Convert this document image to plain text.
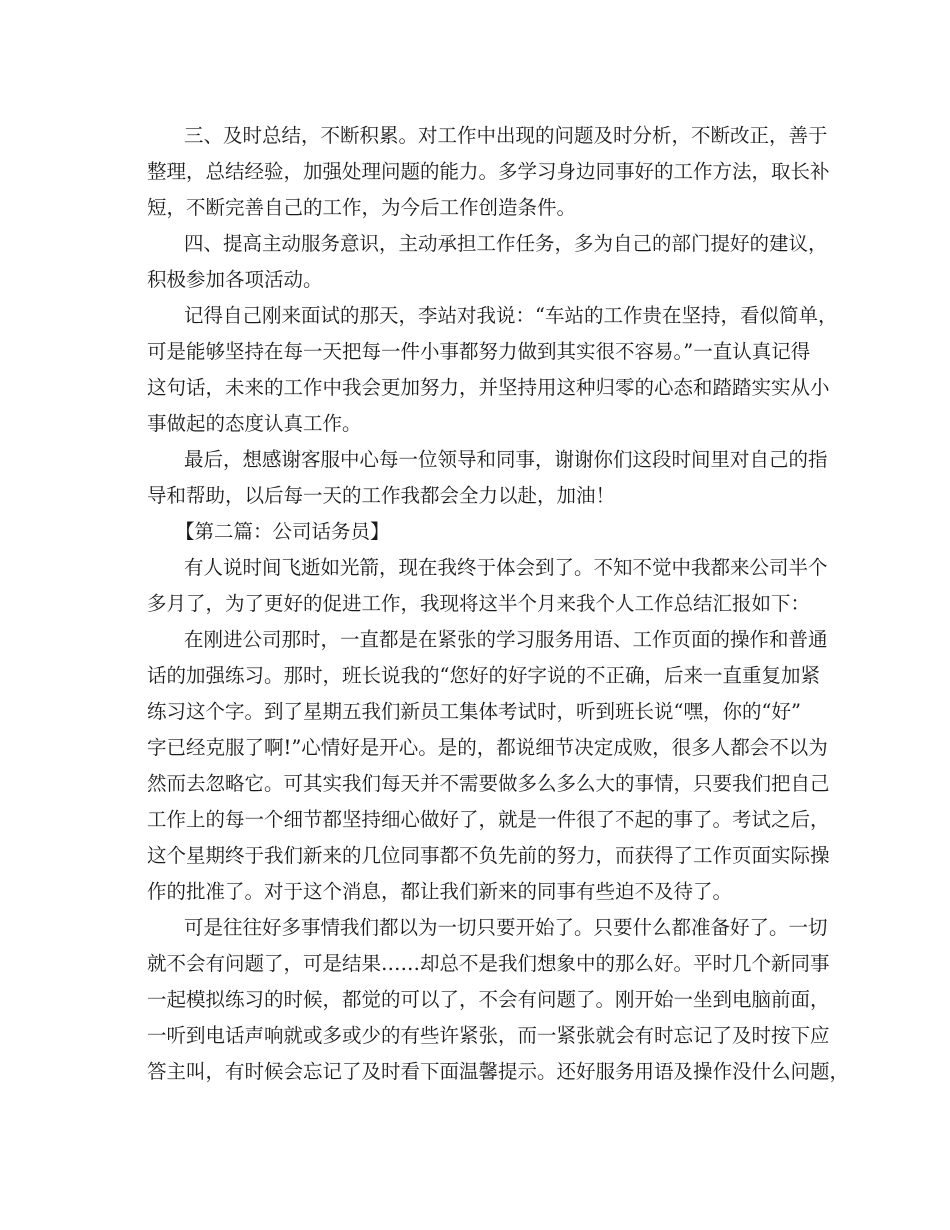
三、及时总结，不断积累。对工作中出现的问题及时分析，不断改正，善于
整理，总结经验，加强处理问题的能力。多学习身边同事好的工作方法，取长补
短，不断完善自己的工作，为今后工作创造条件。
四、提高主动服务意识，主动承担工作任务，多为自己的部门提好的建议，
积极参加各项活动。
记得自己刚来面试的那天，李站对我说：“车站的工作贵在坚持，看似简单，
可是能够坚持在每一天把每一件小事都努力做到其实很不容易。”一直认真记得
这句话，未来的工作中我会更加努力，并坚持用这种归零的心态和踏踏实实从小
事做起的态度认真工作。
最后，想感谢客服中心每一位领导和同事，谢谢你们这段时间里对自己的指
导和帮助，以后每一天的工作我都会全力以赴，加油！
【第二篇：公司话务员】
有人说时间飞逝如光箭，现在我终于体会到了。不知不觉中我都来公司半个
多月了，为了更好的促进工作，我现将这半个月来我个人工作总结汇报如下：
在刚进公司那时，一直都是在紧张的学习服务用语、工作页面的操作和普通
话的加强练习。那时，班长说我的“您好的好字说的不正确，后来一直重复加紧
练习这个字。到了星期五我们新员工集体考试时，听到班长说“嘿，你的“好”
字已经克服了啊!”心情好是开心。是的，都说细节决定成败，很多人都会不以为
然而去忽略它。可其实我们每天并不需要做多么多么大的事情，只要我们把自己
工作上的每一个细节都坚持细心做好了，就是一件很了不起的事了。考试之后，
这个星期终于我们新来的几位同事都不负先前的努力，而获得了工作页面实际操
作的批准了。对于这个消息，都让我们新来的同事有些迫不及待了。
可是往往好多事情我们都以为一切只要开始了。只要什么都准备好了。一切
就不会有问题了，可是结果……却总不是我们想象中的那么好。平时几个新同事
一起模拟练习的时候，都觉的可以了，不会有问题了。刚开始一坐到电脑前面，
一听到电话声响就或多或少的有些许紧张，而一紧张就会有时忘记了及时按下应
答主叫，有时候会忘记了及时看下面温馨提示。还好服务用语及操作没什么问题，
